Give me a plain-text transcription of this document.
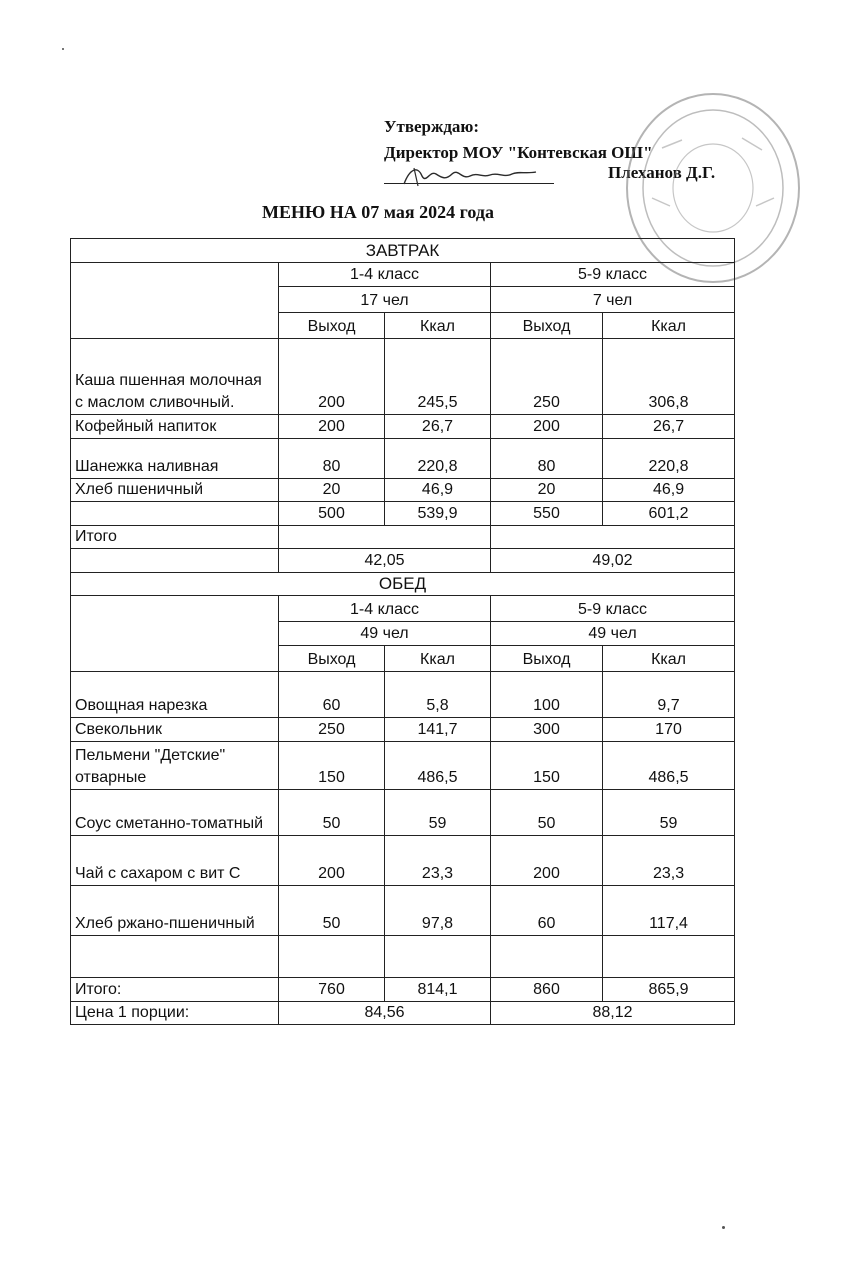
Утверждаю:
Директор МОУ "Контевская ОШ"
Плеханов Д.Г.
МЕНЮ НА 07 мая 2024 года
ЗАВТРАК				
	1-4 класс		5-9 класс	
	17 чел		7 чел	
	Выход	Ккал	Выход	Ккал
Каша пшенная молочная с маслом сливочный.	200	245,5	250	306,8
Кофейный напиток	200	26,7	200	26,7
Шанежка наливная	80	220,8	80	220,8
Хлеб пшеничный	20	46,9	20	46,9
	500	539,9	550	601,2
Итого				
	42,05		49,02	
ОБЕД				
	1-4 класс		5-9 класс	
	49 чел		49 чел	
	Выход	Ккал	Выход	Ккал
Овощная нарезка	60	5,8	100	9,7
Свекольник	250	141,7	300	170
Пельмени "Детские" отварные	150	486,5	150	486,5
Соус сметанно-томатный	50	59	50	59
Чай с сахаром с вит С	200	23,3	200	23,3
Хлеб ржано-пшеничный	50	97,8	60	117,4

Итого:	760	814,1	860	865,9
Цена 1 порции:	84,56		88,12	
